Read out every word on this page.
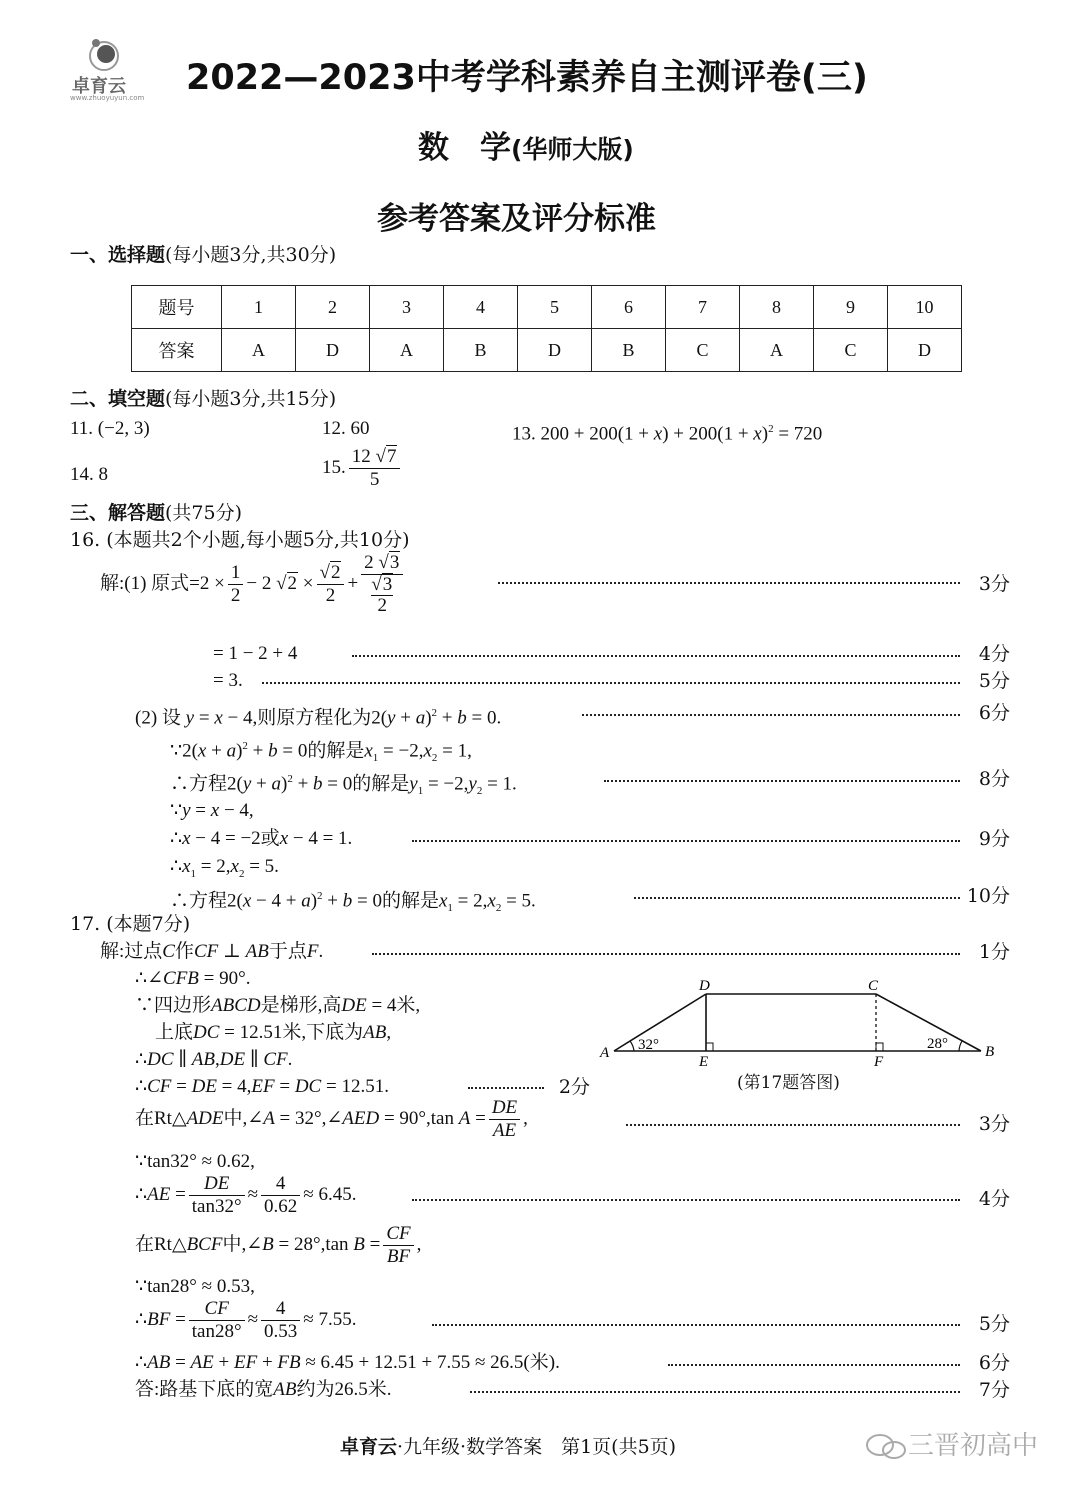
卓育云
www.zhuoyuyun.com 2022—2023中考学科素养自主测评卷(三)
数　学(华师大版)
参考答案及评分标准
一、选择题(每小题3分,共30分)
题号	1	2	3	4	5	6	7	8	9	10
答案	A	D	A	B	D	B	C	A	C	D
二、填空题(每小题3分,共15分)
11. (−2, 3)	12. 60	13. $200 + 200(1 + x) + 200(1 + x)^2 = 720$
14. 8	15. $\frac{12 √7}{5}$
三、解答题(共75分)
16. (本题共2个小题,每小题5分,共10分)
解:(1) 原式$=2 \times \frac{1}{2} - 2$ $√2 \times \frac{√2}{2}$ +
2 √3
√3
2
3分
= 1 − 2 + 4	4分
= 3.	5分
(2) 设 y = x − 4,则原方程化为$2(y + a)^2 + b = 0$.	6分
∵2(x + a)$^2$ + b = 0的解是$x_1 = -2,x_2 = 1$,
∴方程$2(y + a)^2 + b = 0$的解是$y_1 = -2,y_2 = 1$.	8分
∵y = x − 4,
∴x − 4 = −2或x − 4 = 1.	9分
$\therefore x_1 = 2,x_2 = 5$.
∴方程$2(x - 4 + a)^2 + b = 0$的解是$x_1 = 2,x_2 = 5$.	10分
17. (本题7分)
解:过点C作CF ⊥ AB于点F.	1分
∴∠CFB = 90°.
∵四边形ABCD是梯形,高DE = 4米,
上底DC = 12.51米,下底为AB,
∴DC ∥ AB,DE ∥ CF.
∴CF = DE = 4,EF = DC = 12.51.	2分
A	B
C
D
E	F
32°	28°
(第17题答图)
在Rt△ADE中,∠A = 32°,∠AED = 90°,tan $A = \frac{DE}{AE}$ ,	3分
∵tan32° ≈ 0.62,
∴AE = $\frac{DE}{\tan 32^\circ} \approx \frac{4}{0.62} \approx 6.45$.	4分
在Rt△BCF中,∠B = 28°,tan $B = \frac{CF}{BF}$ ,
∵tan28° ≈ 0.53,
∴BF = $\frac{CF}{\tan 28^\circ} \approx \frac{4}{0.53} \approx 7.55$.	5分
∴AB = AE + EF + FB ≈ 6.45 + 12.51 + 7.55 ≈ 26.5(米).	6分
答:路基下底的宽AB约为26.5米.	7分
卓育云·九年级·数学答案　第1页(共5页)	三晋初高中
